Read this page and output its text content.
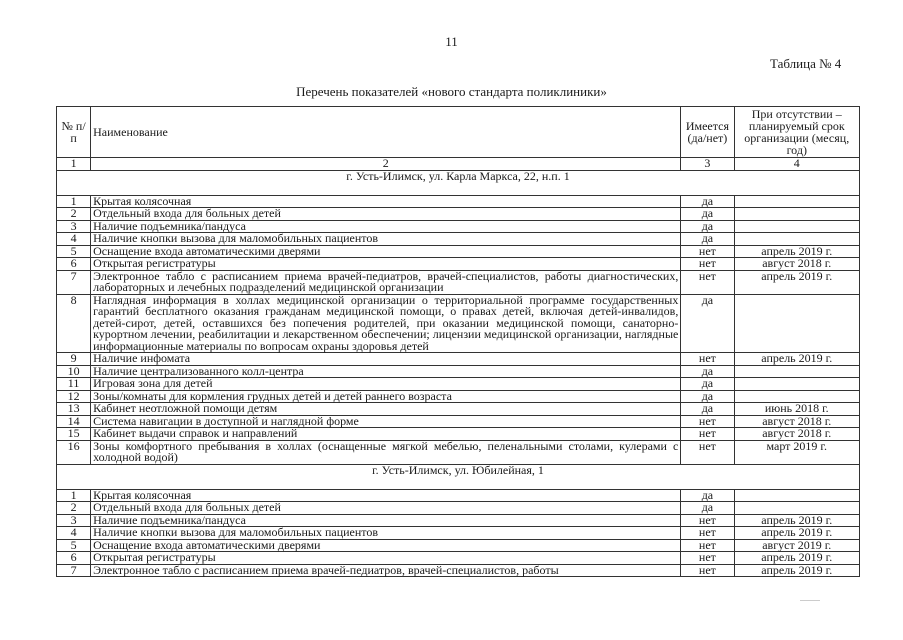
11
Таблица № 4
Перечень показателей «нового стандарта поликлиники»
№ п/п	Наименование	Имеется (да/нет)	При отсутствии – планируемый срок организации (месяц, год)
1	2	3	4
г. Усть-Илимск, ул. Карла Маркса, 22, н.п. 1			
1	Крытая колясочная	да	
2	Отдельный входа для больных детей	да	
3	Наличие подъемника/пандуса	да	
4	Наличие кнопки вызова для маломобильных пациентов	да	
5	Оснащение входа автоматическими дверями	нет	апрель 2019 г.
6	Открытая регистратуры	нет	август 2018 г.
7	Электронное табло с расписанием приема врачей-педиатров, врачей-специалистов, работы диагностических, лабораторных и лечебных подразделений медицинской организации	нет	апрель 2019 г.
8	Наглядная информация в холлах медицинской организации о территориальной программе государственных гарантий бесплатного оказания гражданам медицинской помощи, о правах детей, включая детей-инвалидов, детей-сирот, детей, оставшихся без попечения родителей, при оказании медицинской помощи, санаторно-курортном лечении, реабилитации и лекарственном обеспечении; лицензии медицинской организации, наглядные информационные материалы по вопросам охраны здоровья детей	да	
9	Наличие инфомата	нет	апрель 2019 г.
10	Наличие централизованного колл-центра	да	
11	Игровая зона для детей	да	
12	Зоны/комнаты для кормления грудных детей и детей раннего возраста	да	
13	Кабинет неотложной помощи детям	да	июнь 2018 г.
14	Система навигации в доступной и наглядной форме	нет	август 2018 г.
15	Кабинет выдачи справок и направлений	нет	август 2018 г.
16	Зоны комфортного пребывания в холлах (оснащенные мягкой мебелью, пеленальными столами, кулерами с холодной водой)	нет	март 2019 г.
г. Усть-Илимск, ул. Юбилейная, 1			
1	Крытая колясочная	да	
2	Отдельный входа для больных детей	да	
3	Наличие подъемника/пандуса	нет	апрель 2019 г.
4	Наличие кнопки вызова для маломобильных пациентов	нет	апрель 2019 г.
5	Оснащение входа автоматическими дверями	нет	август 2019 г.
6	Открытая регистратуры	нет	апрель 2019 г.
7	Электронное табло с расписанием приема врачей-педиатров, врачей-специалистов, работы	нет	апрель 2019 г.
